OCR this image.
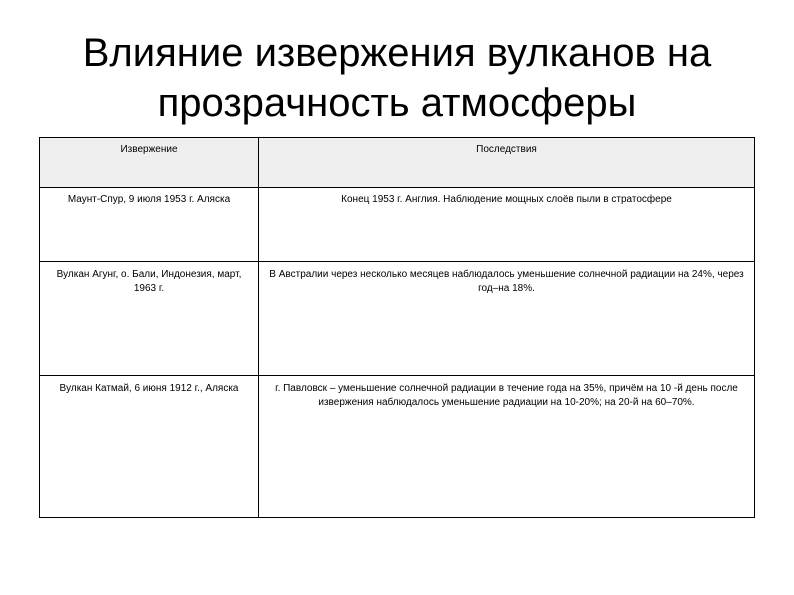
Влияние извержения вулканов на
прозрачность атмосферы
Извержение	Последствия
Маунт-Спур, 9 июля 1953 г. Аляска	Конец 1953 г. Англия. Наблюдение мощных слоёв пыли в стратосфере
Вулкан Агунг, о. Бали, Индонезия, март, 1963 г.	В Австралии через несколько месяцев наблюдалось уменьшение солнечной радиации на 24%, через год–на 18%.
Вулкан Катмай, 6 июня 1912 г., Аляска	г. Павловск – уменьшение солнечной радиации в течение года на 35%, причём на 10 -й день после извержения наблюдалось уменьшение радиации на 10-20%; на 20-й на 60–70%.
